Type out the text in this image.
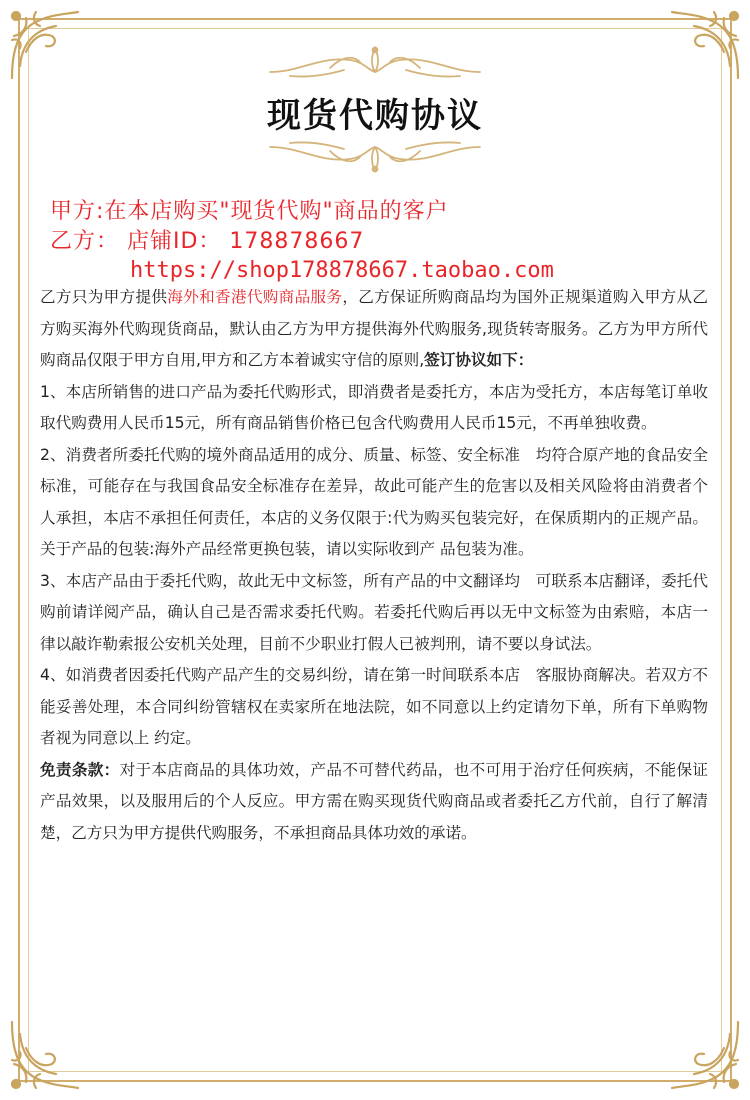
现货代购协议
甲方:在本店购买"现货代购"商品的客户
乙方： 店铺ID： 178878667
https://shop178878667.taobao.com

乙方只为甲方提供海外和香港代购商品服务，乙方保证所购商品均为国外正规渠道购入甲方从乙方购买海外代购现货商品，默认由乙方为甲方提供海外代购服务,现货转寄服务。乙方为甲方所代购商品仅限于甲方自用,甲方和乙方本着诚实守信的原则,签订协议如下：

1、本店所销售的进口产品为委托代购形式，即消费者是委托方，本店为受托方，本店每笔订单收取代购费用人民币15元，所有商品销售价格已包含代购费用人民币15元，不再单独收费。

2、消费者所委托代购的境外商品适用的成分、质量、标签、安全标准　均符合原产地的食品安全标准，可能存在与我国食品安全标准存在差异，故此可能产生的危害以及相关风险将由消费者个人承担，本店不承担任何责任，本店的义务仅限于:代为购买包装完好，在保质期内的正规产品。关于产品的包装:海外产品经常更换包装，请以实际收到产 品包装为准。

3、本店产品由于委托代购，故此无中文标签，所有产品的中文翻译均　可联系本店翻译，委托代购前请详阅产品，确认自己是否需求委托代购。若委托代购后再以无中文标签为由索赔，本店一律以敲诈勒索报公安机关处理，目前不少职业打假人已被判刑，请不要以身试法。

4、如消费者因委托代购产品产生的交易纠纷，请在第一时间联系本店　客服协商解决。若双方不能妥善处理，本合同纠纷管辖权在卖家所在地法院，如不同意以上约定请勿下单，所有下单购物者视为同意以上 约定。

免责条款：对于本店商品的具体功效，产品不可替代药品，也不可用于治疗任何疾病，不能保证产品效果，以及服用后的个人反应。甲方需在购买现货代购商品或者委托乙方代前，自行了解清楚，乙方只为甲方提供代购服务，不承担商品具体功效的承诺。
